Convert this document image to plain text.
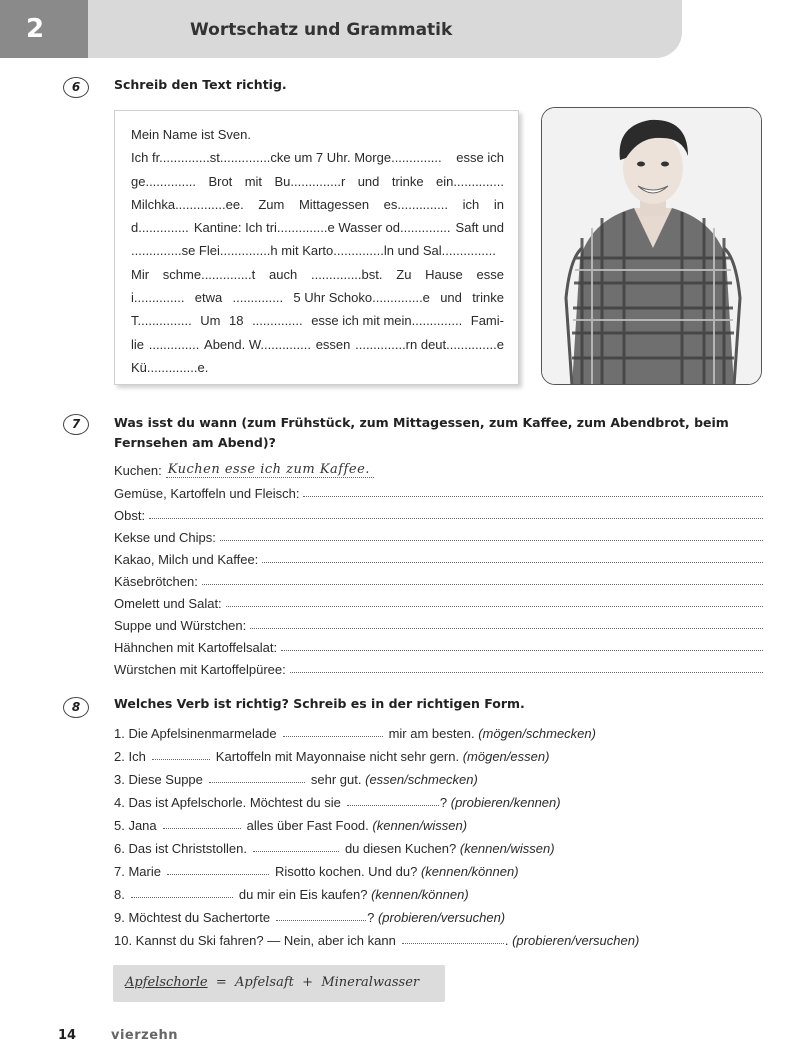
2	Wortschatz und Grammatik
6	Schreib den Text richtig.
Mein Name ist Sven.
Ich fr..............st..............cke um 7 Uhr. Morge.............. esse ich
ge.............. Brot mit Bu..............r und trinke ein..............
Milchka..............ee. Zum Mittagessen es.............. ich in
d.............. Kantine: Ich tri..............e Wasser od.............. Saft und
..............se Flei..............h mit Karto..............ln und Sal...............
Mir schme..............t auch ..............bst. Zu Hause esse
i.............. etwa .............. 5 Uhr Schoko..............e und trinke
T............... Um 18 .............. esse ich mit mein.............. Fami-
lie .............. Abend. W.............. essen ..............rn deut..............e
Kü..............e.
7	Was isst du wann (zum Frühstück, zum Mittagessen, zum Kaffee, zum Abendbrot, beim Fernsehen am Abend)?
Kuchen: Kuchen esse ich zum Kaffee.
Gemüse, Kartoffeln und Fleisch:
Obst:
Kekse und Chips:
Kakao, Milch und Kaffee:
Käsebrötchen:
Omelett und Salat:
Suppe und Würstchen:
Hähnchen mit Kartoffelsalat:
Würstchen mit Kartoffelpüree:
8	Welches Verb ist richtig? Schreib es in der richtigen Form.
1. Die Apfelsinenmarmelade	mir am besten.
(mögen/schmecken)
2. Ich	Kartoffeln mit Mayonnaise nicht sehr gern.
(mögen/essen)
3. Diese Suppe	sehr gut.
(essen/schmecken)
4. Das ist Apfelschorle. Möchtest du sie	?
(probieren/kennen)
5. Jana	alles über Fast Food.
(kennen/wissen)
6. Das ist Christstollen.	du diesen Kuchen?
(kennen/wissen)
7. Marie	Risotto kochen. Und du?
(kennen/können)
8.	du mir ein Eis kaufen?
(kennen/können)
9. Möchtest du Sachertorte	?
(probieren/versuchen)
10. Kannst du Ski fahren? — Nein, aber ich kann	.
(probieren/versuchen)
Apfelschorle = Apfelsaft + Mineralwasser
14	vierzehn
